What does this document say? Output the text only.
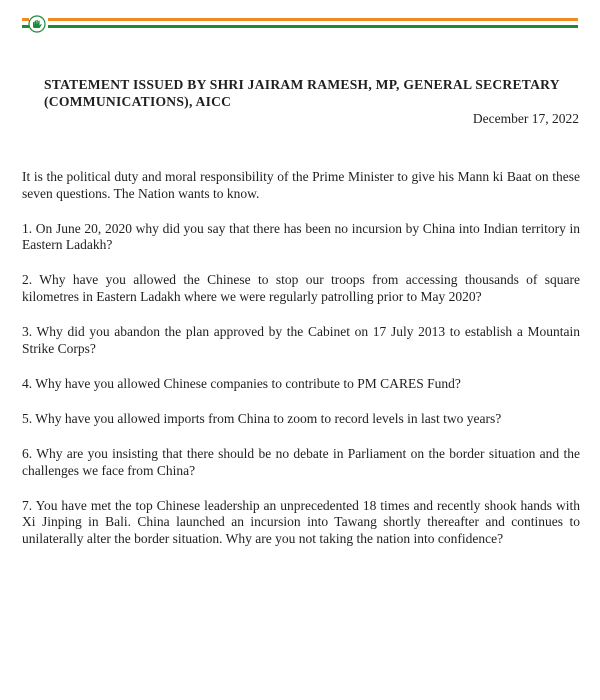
STATEMENT ISSUED BY SHRI JAIRAM RAMESH, MP, GENERAL SECRETARY (COMMUNICATIONS), AICC

December 17, 2022

It is the political duty and moral responsibility of the Prime Minister to give his Mann ki Baat on these seven questions. The Nation wants to know.

1. On June 20, 2020 why did you say that there has been no incursion by China into Indian territory in Eastern Ladakh?

2. Why have you allowed the Chinese to stop our troops from accessing thousands of square kilometres in Eastern Ladakh where we were regularly patrolling prior to May 2020?

3. Why did you abandon the plan approved by the Cabinet on 17 July 2013 to establish a Mountain Strike Corps?

4. Why have you allowed Chinese companies to contribute to PM CARES Fund?

5. Why have you allowed imports from China to zoom to record levels in last two years?

6. Why are you insisting that there should be no debate in Parliament on the border situation and the challenges we face from China?

7. You have met the top Chinese leadership an unprecedented 18 times and recently shook hands with Xi Jinping in Bali. China launched an incursion into Tawang shortly thereafter and continues to unilaterally alter the border situation. Why are you not taking the nation into confidence?
